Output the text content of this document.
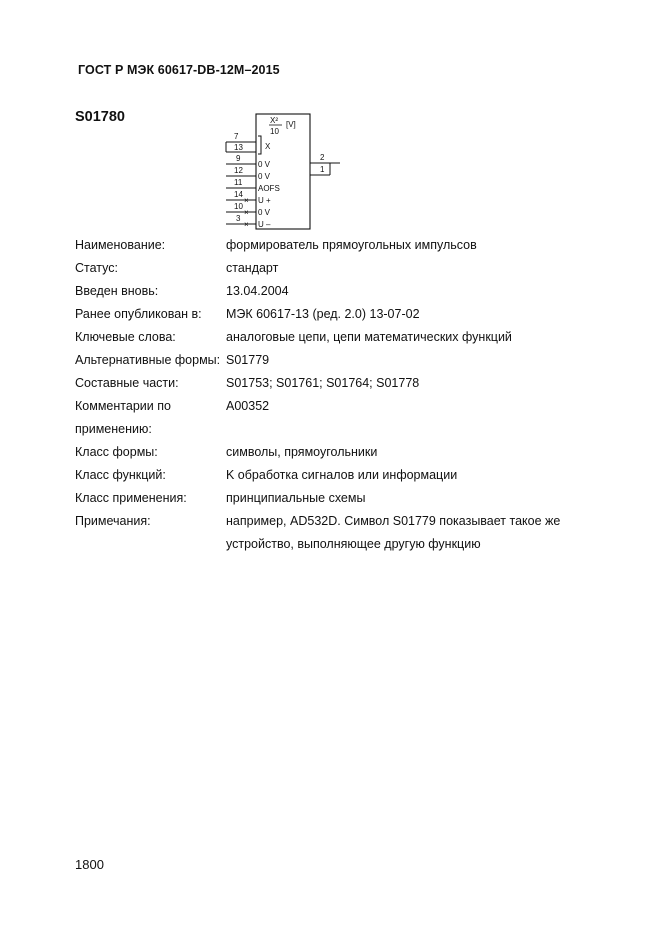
ГОСТ Р МЭК 60617-DB-12M–2015
S01780	X² [V]
10
7
13	X
9
0 V
12
0 V
11
AOFS
14
× U +
10
× 0 V
3
× U –
2
1
Наименование:	формирователь прямоугольных импульсов
Статус:	стандарт
Введен вновь:	13.04.2004
Ранее опубликован в:	МЭК 60617-13 (ред. 2.0) 13-07-02
Ключевые слова:	аналоговые цепи, цепи математических функций
Альтернативные формы: S01779
Составные части:	S01753; S01761; S01764; S01778
Комментарии по применению:
A00352
Класс формы:	символы, прямоугольники
Класс функций:	K обработка сигналов или информации
Класс применения:	принципиальные схемы
Примечания:	например, AD532D. Символ S01779 показывает такое же устройство, выполняющее другую функцию
1800
